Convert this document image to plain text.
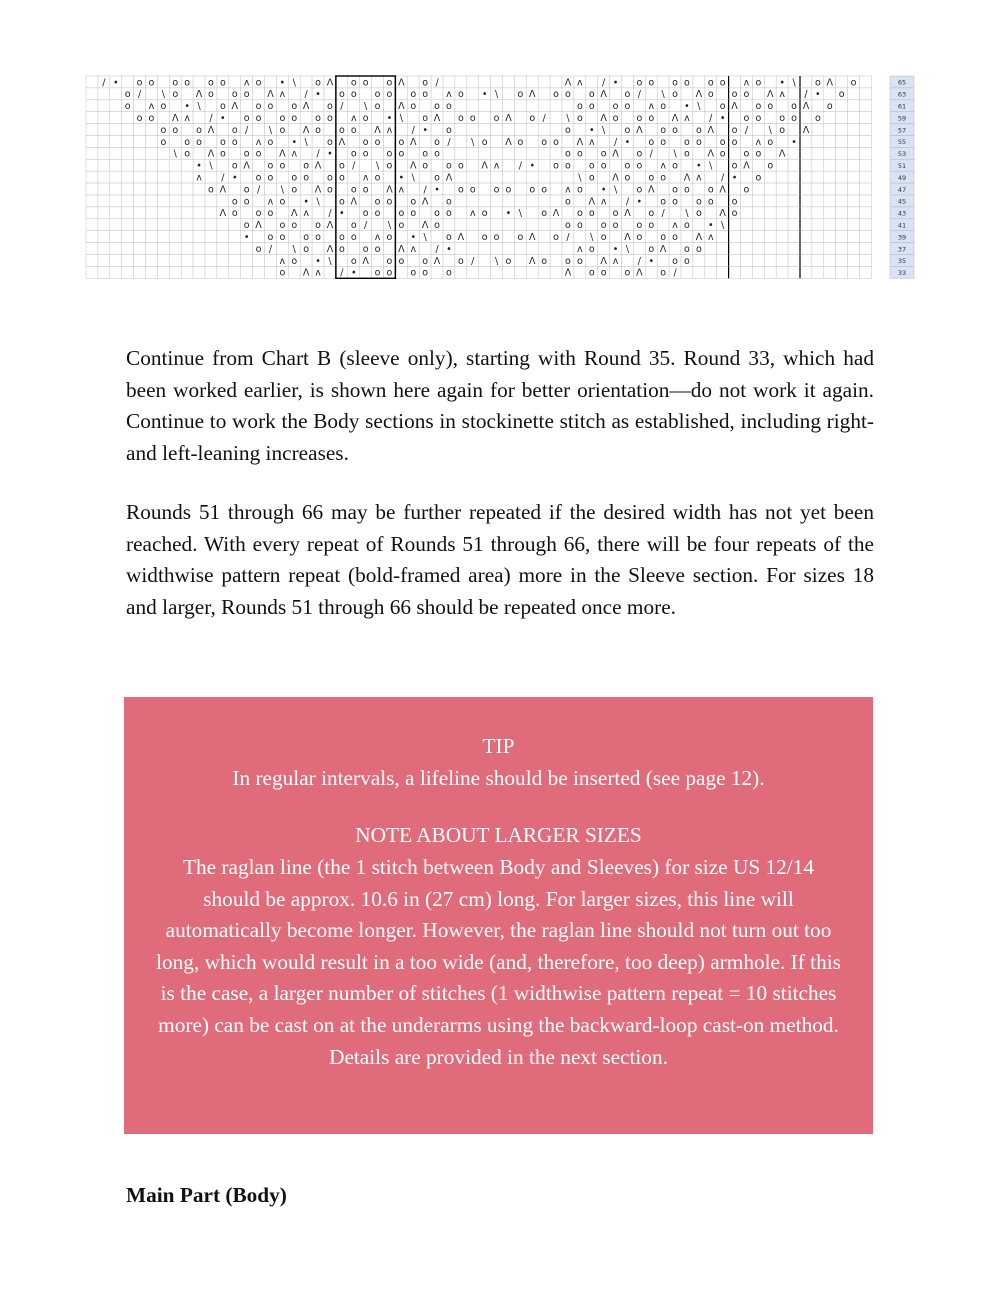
/ • o o o o o o ʌ o • \ o Λ o o o Λ o /	Λ ʌ / • o o o o o o ʌ o • \ o Λ o	65
o / \ o Λ o o o Λ ʌ / • o o o o o o ʌ o • \ o Λ o o o Λ o / \ o Λ o o o Λ ʌ / • o	63
o ʌ o • \ o Λ o o o Λ o / \ o Λ o o o	o o o o ʌ o • \ o Λ o o o Λ o	61
o o Λ ʌ / • o o o o o o ʌ o • \ o Λ o o o Λ o / \ o Λ o o o Λ ʌ / • o o o o o	59
o o o Λ o / \ o Λ o o o Λ ʌ / • o	o • \ o Λ o o o Λ o / \ o Λ	57
o o o o o ʌ o • \ o Λ o o o Λ o / \ o Λ o o o Λ ʌ / • o o o o o o ʌ o •	55
\ o Λ o o o Λ ʌ / • o o o o o o	o o o Λ o / \ o Λ o o o Λ	53
• \ o Λ o o o Λ o / \ o Λ o o o Λ ʌ / • o o o o o o ʌ o • \ o Λ o	51
ʌ / • o o o o o o ʌ o • \ o Λ	\ o Λ o o o Λ ʌ / • o	49
o Λ o / \ o Λ o o o Λ ʌ / • o o o o o o ʌ o • \ o Λ o o o Λ o	47
o o ʌ o • \ o Λ o o o Λ o	o Λ ʌ / • o o o o o	45
Λ o o o Λ ʌ / • o o o o o o ʌ o • \ o Λ o o o Λ o / \ o Λ o	43
o Λ o o o Λ o / \ o Λ o	o o o o o o ʌ o • \	41
• o o o o o o ʌ o • \ o Λ o o o Λ o / \ o Λ o o o Λ ʌ	39
o / \ o Λ o o o Λ ʌ / •	ʌ o • \ o Λ o o	37
ʌ o • \ o Λ o o o Λ o / \ o Λ o o o Λ ʌ / • o o	35
o Λ ʌ / • o o o o o	Λ o o o Λ o /	33

Continue from Chart B (sleeve only), starting with Round 35. Round 33, which had been worked earlier, is shown here again for better orientation—do not work it again. Continue to work the Body sections in stockinette stitch as established, including right- and left-leaning increases.

Rounds 51 through 66 may be further repeated if the desired width has not yet been reached. With every repeat of Rounds 51 through 66, there will be four repeats of the widthwise pattern repeat (bold-framed area) more in the Sleeve section. For sizes 18 and larger, Rounds 51 through 66 should be repeated once more.

TIP
In regular intervals, a lifeline should be inserted (see page 12).
NOTE ABOUT LARGER SIZES
The raglan line (the 1 stitch between Body and Sleeves) for size US 12/14 should be approx. 10.6 in (27 cm) long. For larger sizes, this line will automatically become longer. However, the raglan line should not turn out too long, which would result in a too wide (and, therefore, too deep) armhole. If this is the case, a larger number of stitches (1 widthwise pattern repeat = 10 stitches more) can be cast on at the underarms using the backward-loop cast-on method. Details are provided in the next section.

Main Part (Body)
